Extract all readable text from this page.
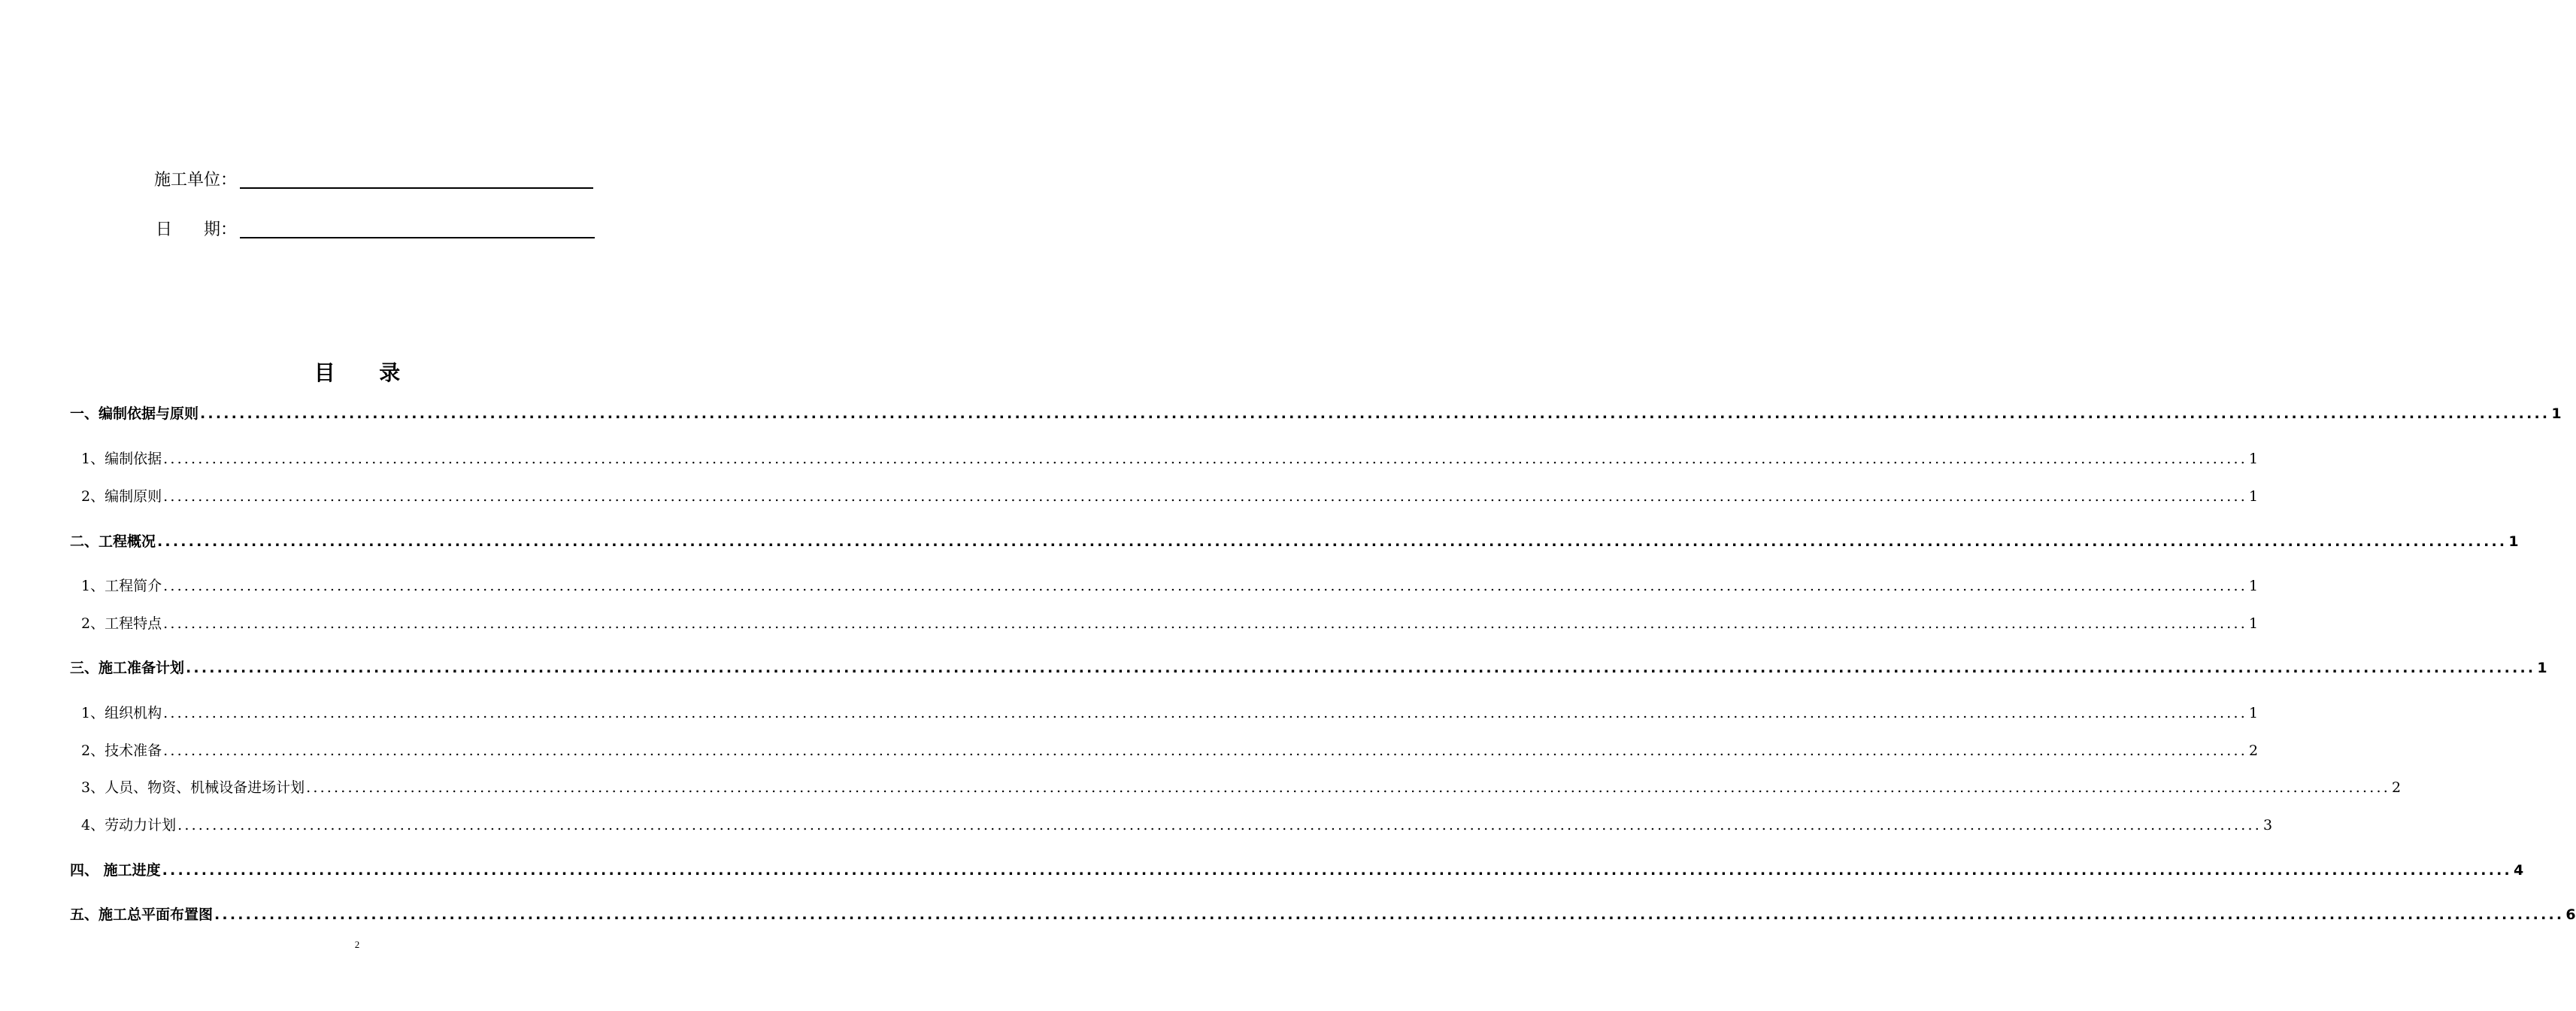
施工单位：
日      期：
目      录
一、编制依据与原则 ............................................................................................................................................................................................................................................................................................................ 1
1、编制依据 ............................................................................................................................................................................................................................................................................................................ 1
2、编制原则 ............................................................................................................................................................................................................................................................................................................ 1
二、工程概况 ............................................................................................................................................................................................................................................................................................................ 1
1、工程简介 ............................................................................................................................................................................................................................................................................................................ 1
2、工程特点 ............................................................................................................................................................................................................................................................................................................ 1
三、施工准备计划 ............................................................................................................................................................................................................................................................................................................ 1
1、组织机构 ............................................................................................................................................................................................................................................................................................................ 1
2、技术准备 ............................................................................................................................................................................................................................................................................................................ 2
3、人员、物资、机械设备进场计划 ............................................................................................................................................................................................................................................................................................................ 2
4、劳动力计划 ............................................................................................................................................................................................................................................................................................................ 3
四、 施工进度 ............................................................................................................................................................................................................................................................................................................ 4
五、施工总平面布置图 ............................................................................................................................................................................................................................................................................................................ 6
2
